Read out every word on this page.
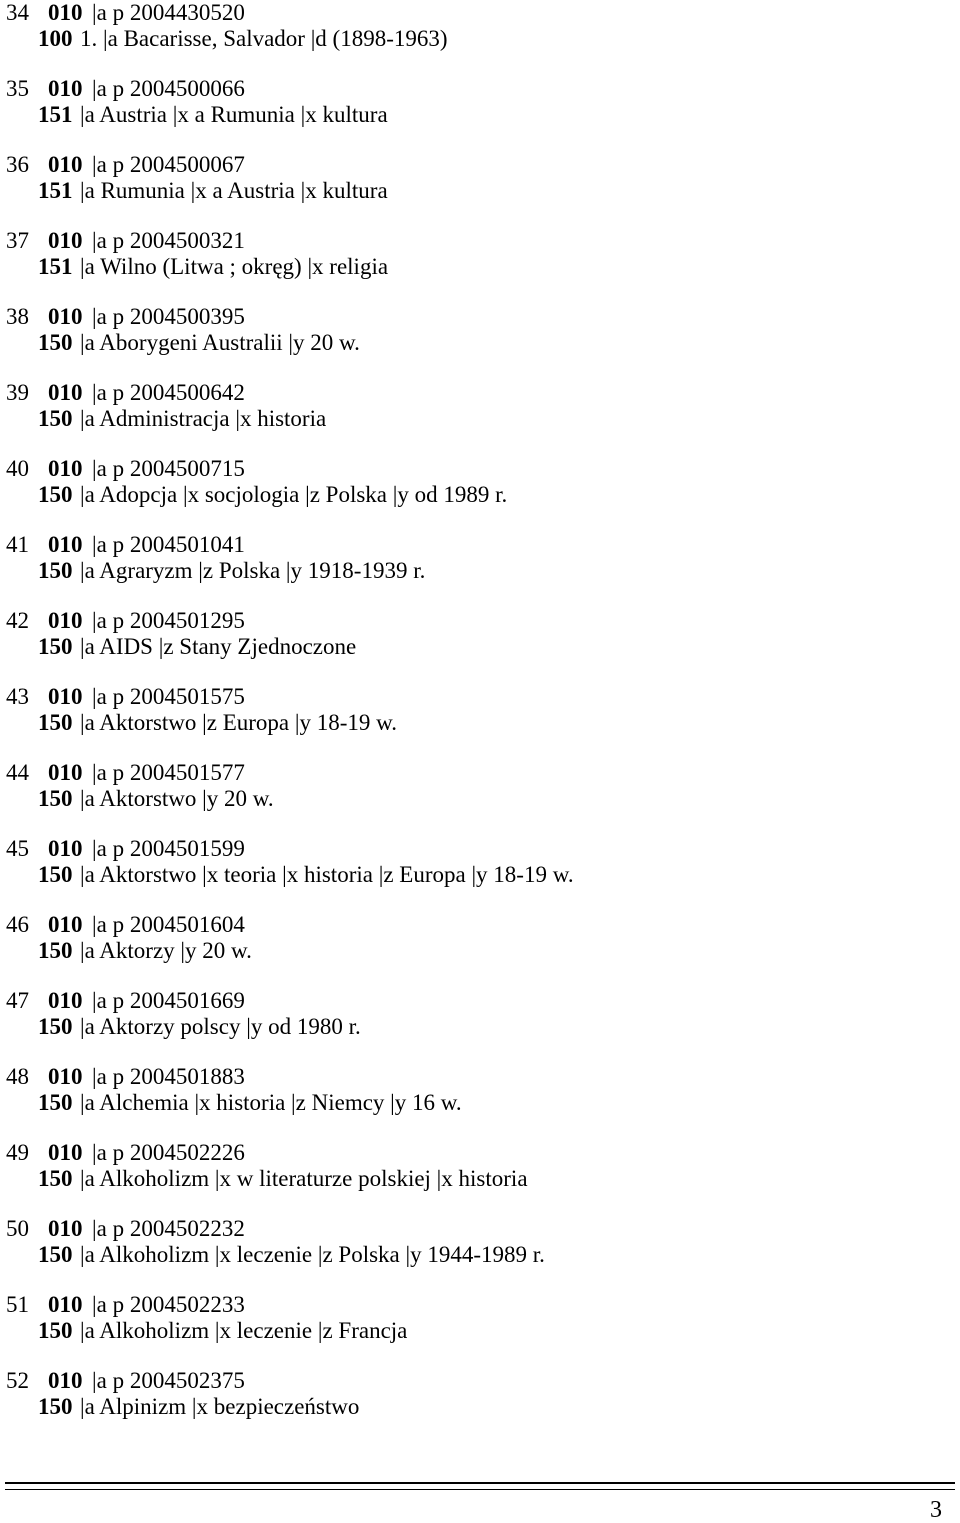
34 010 |a p 2004430520
100 1. |a Bacarisse, Salvador |d (1898-1963)
35 010 |a p 2004500066
151 |a Austria |x a Rumunia |x kultura
36 010 |a p 2004500067
151 |a Rumunia |x a Austria |x kultura
37 010 |a p 2004500321
151 |a Wilno (Litwa ; okręg) |x religia
38 010 |a p 2004500395
150 |a Aborygeni Australii |y 20 w.
39 010 |a p 2004500642
150 |a Administracja |x historia
40 010 |a p 2004500715
150 |a Adopcja |x socjologia |z Polska |y od 1989 r.
41 010 |a p 2004501041
150 |a Agraryzm |z Polska |y 1918-1939 r.
42 010 |a p 2004501295
150 |a AIDS |z Stany Zjednoczone
43 010 |a p 2004501575
150 |a Aktorstwo |z Europa |y 18-19 w.
44 010 |a p 2004501577
150 |a Aktorstwo |y 20 w.
45 010 |a p 2004501599
150 |a Aktorstwo |x teoria |x historia |z Europa |y 18-19 w.
46 010 |a p 2004501604
150 |a Aktorzy |y 20 w.
47 010 |a p 2004501669
150 |a Aktorzy polscy |y od 1980 r.
48 010 |a p 2004501883
150 |a Alchemia |x historia |z Niemcy |y 16 w.
49 010 |a p 2004502226
150 |a Alkoholizm |x w literaturze polskiej |x historia
50 010 |a p 2004502232
150 |a Alkoholizm |x leczenie |z Polska |y 1944-1989 r.
51 010 |a p 2004502233
150 |a Alkoholizm |x leczenie |z Francja
52 010 |a p 2004502375
150 |a Alpinizm |x bezpieczeństwo
3
